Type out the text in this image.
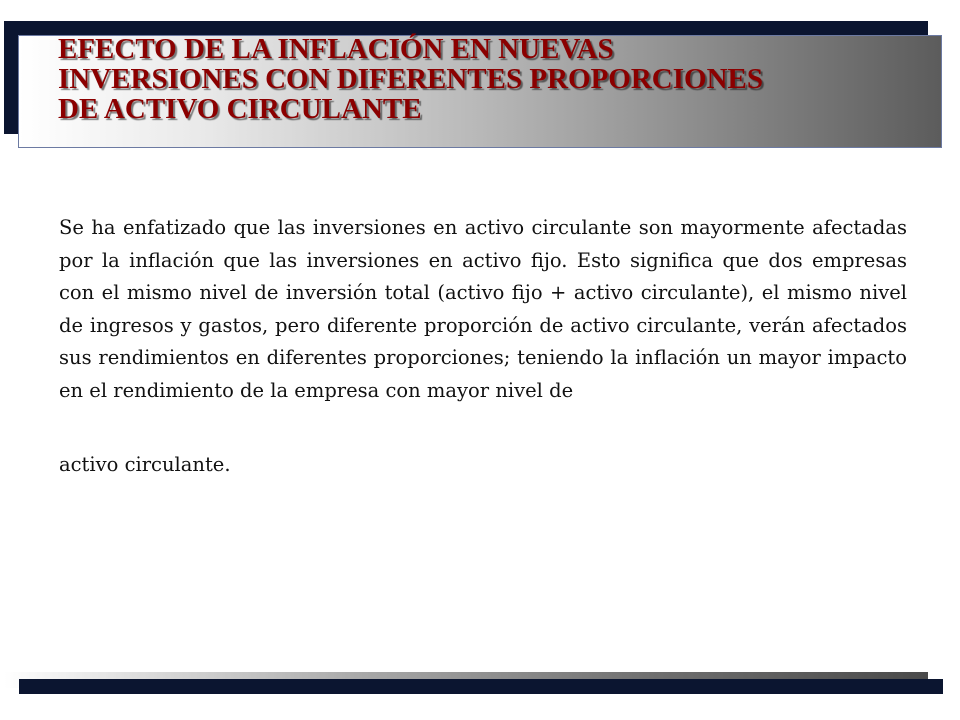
EFECTO DE LA INFLACIÓN EN NUEVAS
INVERSIONES CON DIFERENTES PROPORCIONES
DE ACTIVO CIRCULANTE

Se ha enfatizado que las inversiones en activo circulante son mayormente afectadas por la inflación que las inversiones en activo fijo. Esto significa que dos empresas con el mismo nivel de inversión total (activo fijo + activo circulante), el mismo nivel de ingresos y gastos, pero diferente proporción de activo circulante, verán afectados sus rendimientos en diferentes proporciones; teniendo la inflación un mayor impacto en el rendimiento de la empresa con mayor nivel de

activo circulante.
